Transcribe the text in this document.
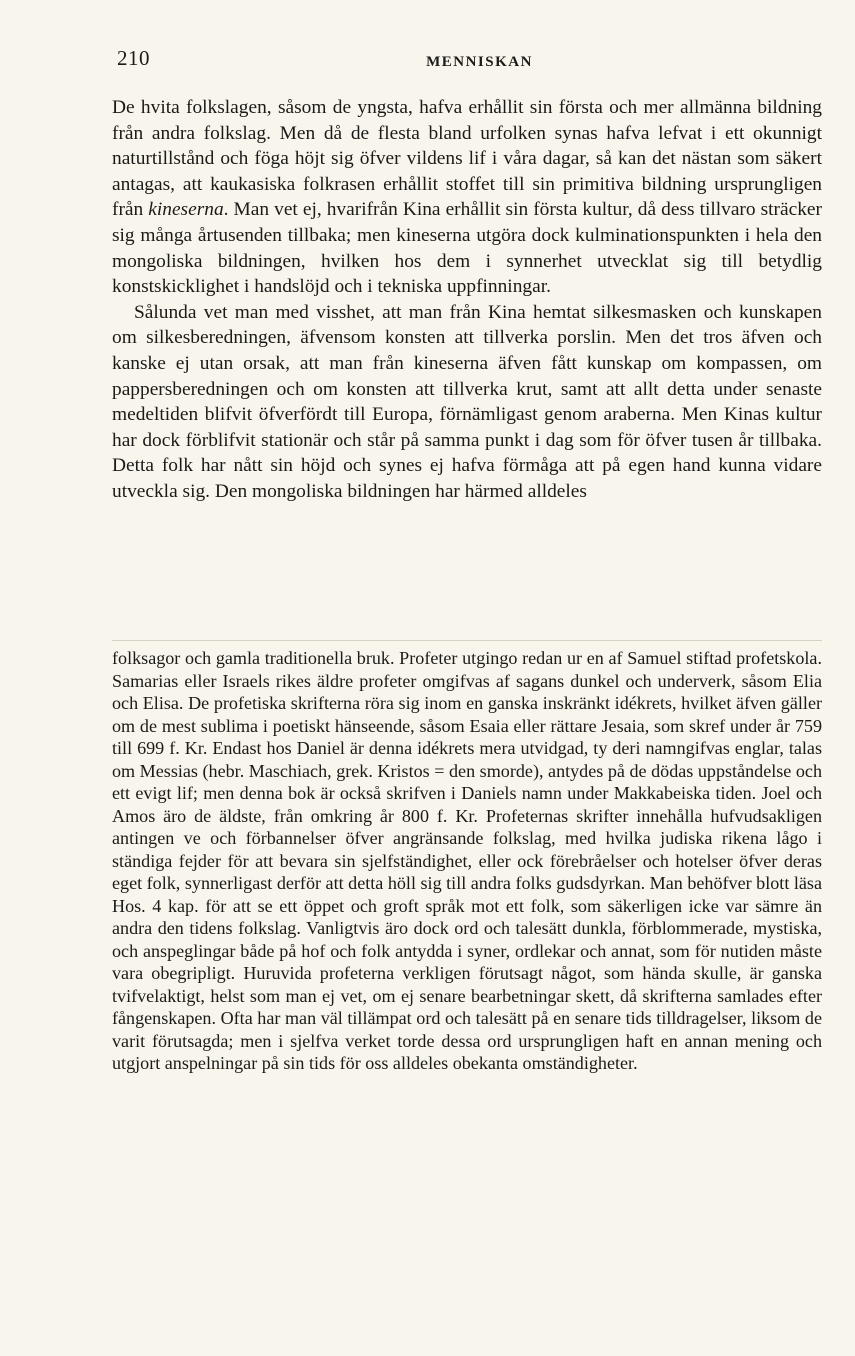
210	MENNISKAN

De hvita folkslagen, såsom de yngsta, hafva erhållit sin första och mer allmänna bildning från andra folkslag. Men då de flesta bland urfolken synas hafva lefvat i ett okunnigt naturtillstånd och föga höjt sig öfver vildens lif i våra dagar, så kan det nästan som säkert antagas, att kaukasiska folkrasen erhållit stoffet till sin primitiva bildning ursprungligen från kineserna. Man vet ej, hvarifrån Kina erhållit sin första kultur, då dess tillvaro sträcker sig många årtusenden tillbaka; men kineserna utgöra dock kulminationspunkten i hela den mongoliska bildningen, hvilken hos dem i synnerhet utvecklat sig till betydlig konstskicklighet i handslöjd och i tekniska uppfinningar.

Sålunda vet man med visshet, att man från Kina hemtat silkesmasken och kunskapen om silkesberedningen, äfvensom konsten att tillverka porslin. Men det tros äfven och kanske ej utan orsak, att man från kineserna äfven fått kunskap om kompassen, om pappersberedningen och om konsten att tillverka krut, samt att allt detta under senaste medeltiden blifvit öfverfördt till Europa, förnämligast genom araberna. Men Kinas kultur har dock förblifvit stationär och står på samma punkt i dag som för öfver tusen år tillbaka. Detta folk har nått sin höjd och synes ej hafva förmåga att på egen hand kunna vidare utveckla sig. Den mongoliska bildningen har härmed alldeles

folksagor och gamla traditionella bruk. Profeter utgingo redan ur en af Samuel stiftad profetskola. Samarias eller Israels rikes äldre profeter omgifvas af sagans dunkel och underverk, såsom Elia och Elisa. De profetiska skrifterna röra sig inom en ganska inskränkt idékrets, hvilket äfven gäller om de mest sublima i poetiskt hänseende, såsom Esaia eller rättare Jesaia, som skref under år 759 till 699 f. Kr. Endast hos Daniel är denna idékrets mera utvidgad, ty deri namngifvas englar, talas om Messias (hebr. Maschiach, grek. Kristos = den smorde), antydes på de dödas uppståndelse och ett evigt lif; men denna bok är också skrifven i Daniels namn under Makkabeiska tiden. Joel och Amos äro de äldste, från omkring år 800 f. Kr. Profeternas skrifter innehålla hufvudsakligen antingen ve och förbannelser öfver angränsande folkslag, med hvilka judiska rikena lågo i ständiga fejder för att bevara sin sjelfständighet, eller ock förebråelser och hotelser öfver deras eget folk, synnerligast derför att detta höll sig till andra folks gudsdyrkan. Man behöfver blott läsa Hos. 4 kap. för att se ett öppet och groft språk mot ett folk, som säkerligen icke var sämre än andra den tidens folkslag. Vanligtvis äro dock ord och talesätt dunkla, förblommerade, mystiska, och anspeglingar både på hof och folk antydda i syner, ordlekar och annat, som för nutiden måste vara obegripligt. Huruvida profeterna verkligen förutsagt något, som hända skulle, är ganska tvifvelaktigt, helst som man ej vet, om ej senare bearbetningar skett, då skrifterna samlades efter fångenskapen. Ofta har man väl tillämpat ord och talesätt på en senare tids tilldragelser, liksom de varit förutsagda; men i sjelfva verket torde dessa ord ursprungligen haft en annan mening och utgjort anspelningar på sin tids för oss alldeles obekanta omständigheter.
